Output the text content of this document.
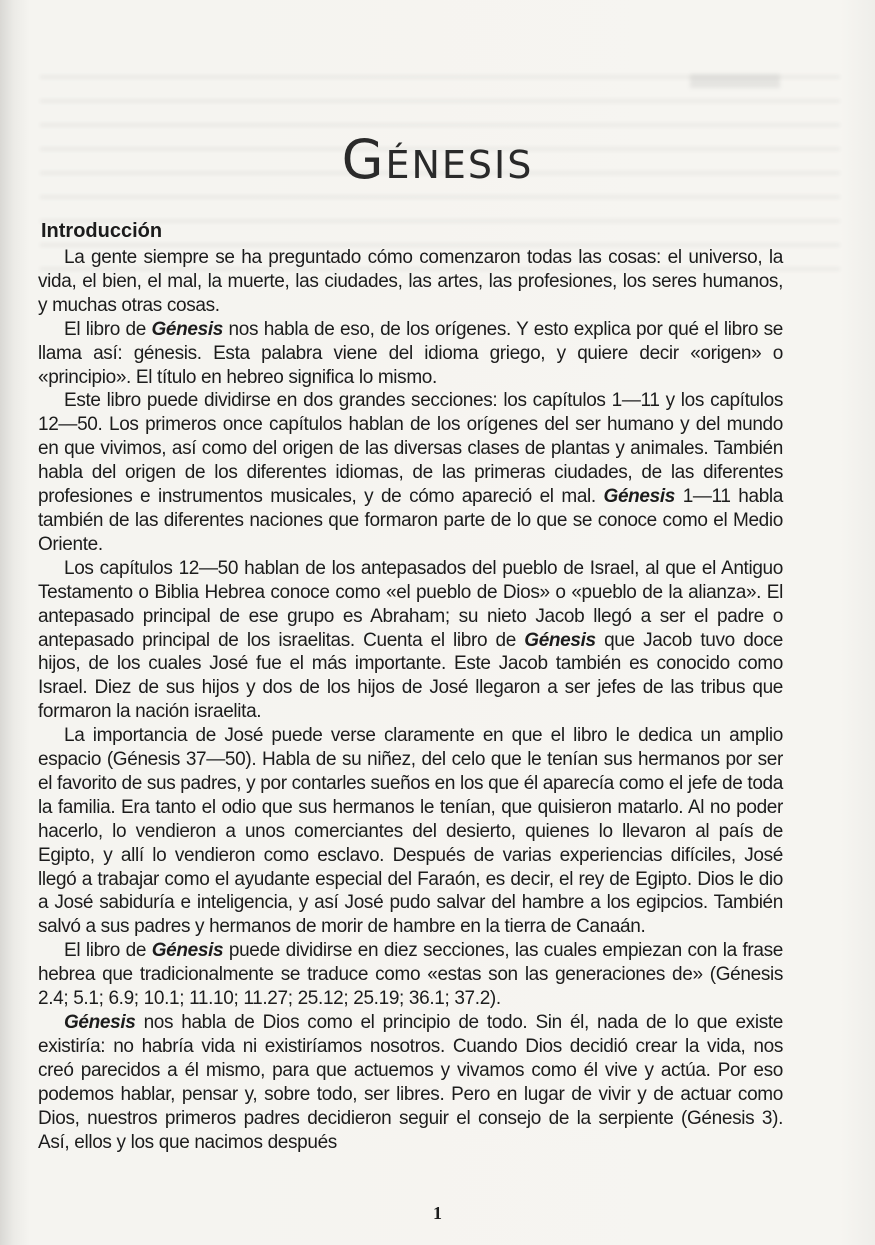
Génesis
Introducción

La gente siempre se ha preguntado cómo comenzaron todas las cosas: el universo, la vida, el bien, el mal, la muerte, las ciudades, las artes, las profesiones, los seres humanos, y muchas otras cosas.

El libro de Génesis nos habla de eso, de los orígenes. Y esto explica por qué el libro se llama así: génesis. Esta palabra viene del idioma griego, y quiere decir «origen» o «principio». El título en hebreo significa lo mismo.

Este libro puede dividirse en dos grandes secciones: los capítulos 1—11 y los capítulos 12—50. Los primeros once capítulos hablan de los orígenes del ser humano y del mundo en que vivimos, así como del origen de las diversas clases de plantas y animales. También habla del origen de los diferentes idiomas, de las primeras ciudades, de las diferentes profesiones e instrumentos musicales, y de cómo apareció el mal. Génesis 1—11 habla también de las diferentes naciones que formaron parte de lo que se conoce como el Medio Oriente.

Los capítulos 12—50 hablan de los antepasados del pueblo de Israel, al que el Antiguo Testamento o Biblia Hebrea conoce como «el pueblo de Dios» o «pueblo de la alianza». El antepasado principal de ese grupo es Abraham; su nieto Jacob llegó a ser el padre o antepasado principal de los israelitas. Cuenta el libro de Génesis que Jacob tuvo doce hijos, de los cuales José fue el más importante. Este Jacob también es conocido como Israel. Diez de sus hijos y dos de los hijos de José llegaron a ser jefes de las tribus que formaron la nación israelita.

La importancia de José puede verse claramente en que el libro le dedica un amplio espacio (Génesis 37—50). Habla de su niñez, del celo que le tenían sus hermanos por ser el favorito de sus padres, y por contarles sueños en los que él aparecía como el jefe de toda la familia. Era tanto el odio que sus hermanos le tenían, que quisieron matarlo. Al no poder hacerlo, lo vendieron a unos comerciantes del desierto, quienes lo llevaron al país de Egipto, y allí lo vendieron como esclavo. Después de varias experiencias difíciles, José llegó a trabajar como el ayudante especial del Faraón, es decir, el rey de Egipto. Dios le dio a José sabiduría e inteligencia, y así José pudo salvar del hambre a los egipcios. También salvó a sus padres y hermanos de morir de hambre en la tierra de Canaán.

El libro de Génesis puede dividirse en diez secciones, las cuales empiezan con la frase hebrea que tradicionalmente se traduce como «estas son las generaciones de» (Génesis 2.4; 5.1; 6.9; 10.1; 11.10; 11.27; 25.12; 25.19; 36.1; 37.2).

Génesis nos habla de Dios como el principio de todo. Sin él, nada de lo que existe existiría: no habría vida ni existiríamos nosotros. Cuando Dios decidió crear la vida, nos creó parecidos a él mismo, para que actuemos y vivamos como él vive y actúa. Por eso podemos hablar, pensar y, sobre todo, ser libres. Pero en lugar de vivir y de actuar como Dios, nuestros primeros padres decidieron seguir el consejo de la serpiente (Génesis 3). Así, ellos y los que nacimos después

1
